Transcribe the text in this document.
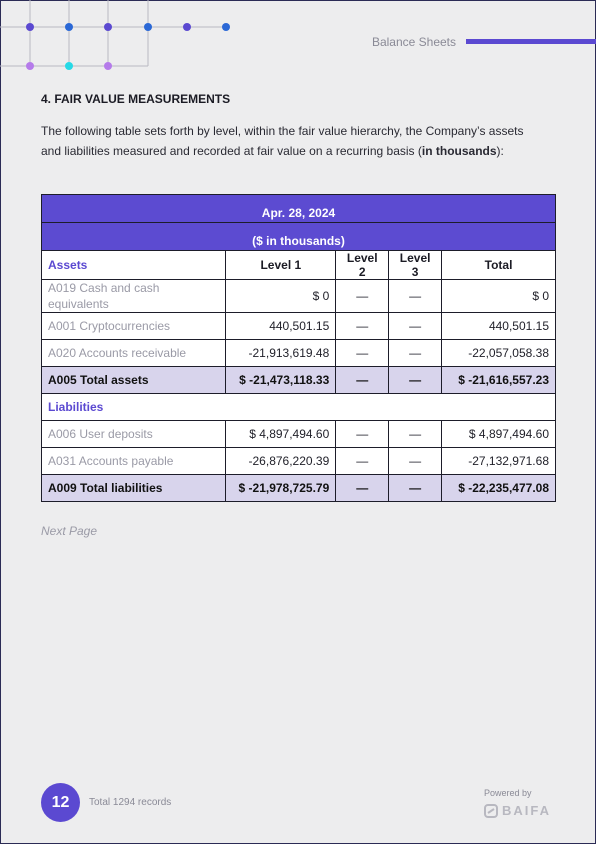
Balance Sheets
4. FAIR VALUE MEASUREMENTS

The following table sets forth by level, within the fair value hierarchy, the Company’s assets and liabilities measured and recorded at fair value on a recurring basis (in thousands):

Apr. 28, 2024				
($ in thousands)				
Assets	Level 1	Level 2	Level 3	Total
A019 Cash and cash equivalents	$ 0	—	—	$ 0
A001 Cryptocurrencies	440,501.15	—	—	440,501.15
A020 Accounts receivable	-21,913,619.48	—	—	-22,057,058.38
A005 Total assets	$ -21,473,118.33	—	—	$ -21,616,557.23
Liabilities				
A006 User deposits	$ 4,897,494.60	—	—	$ 4,897,494.60
A031 Accounts payable	-26,876,220.39	—	—	-27,132,971.68
A009 Total liabilities	$ -21,978,725.79	—	—	$ -22,235,477.08
Next Page
12	Total 1294 records
Powered by
BAIFA
